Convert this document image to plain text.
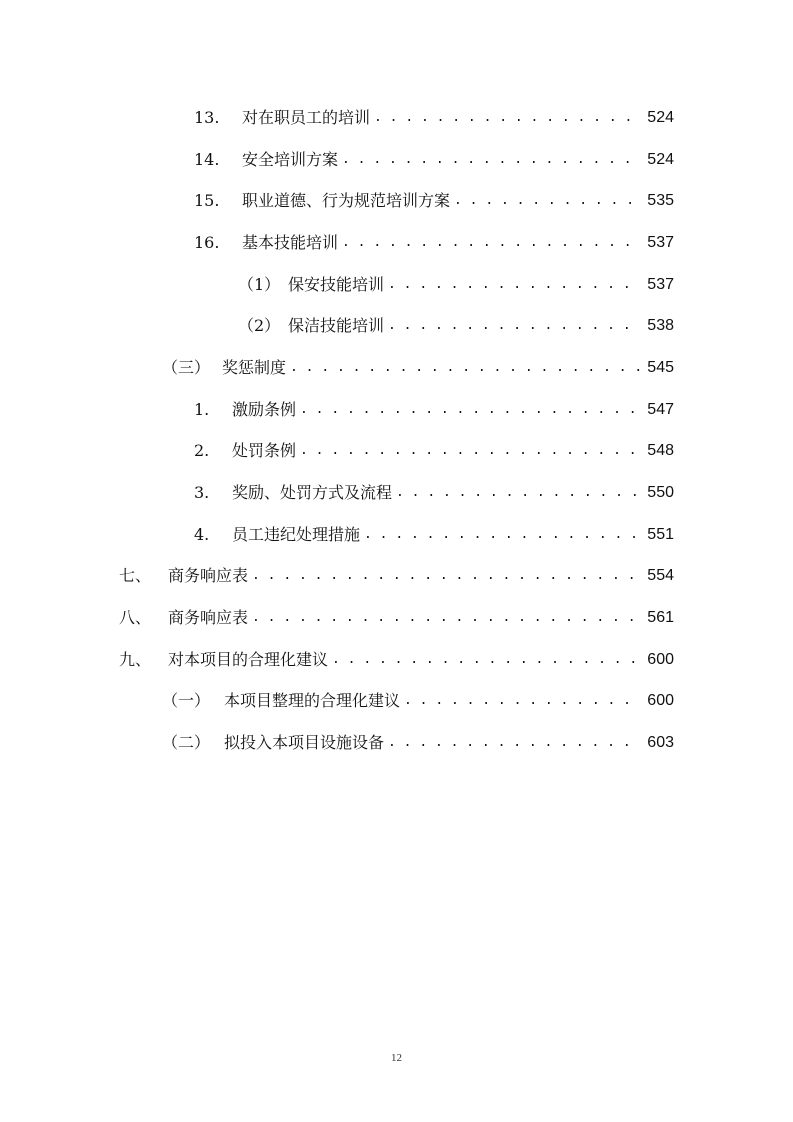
13.	对在职员工的培训 . . .	524
14.	安全培训方案 . . .	524
15.	职业道德、行为规范培训方案 . . .	535
16.	基本技能培训 . . .	537
（1） 保安技能培训 . . .	537
（2） 保洁技能培训 . . .	538
（三） 奖惩制度 . . .	545
1.	激励条例 . . .	547
2.	处罚条例 . . .	548
3.	奖励、处罚方式及流程 . . .	550
4.	员工违纪处理措施 . . .	551
七、	商务响应表 . . .	554
八、	商务响应表 . . .	561
九、	对本项目的合理化建议 . . .	600
（一） 本项目整理的合理化建议 . . .	600
（二） 拟投入本项目设施设备 . . .	603
12
